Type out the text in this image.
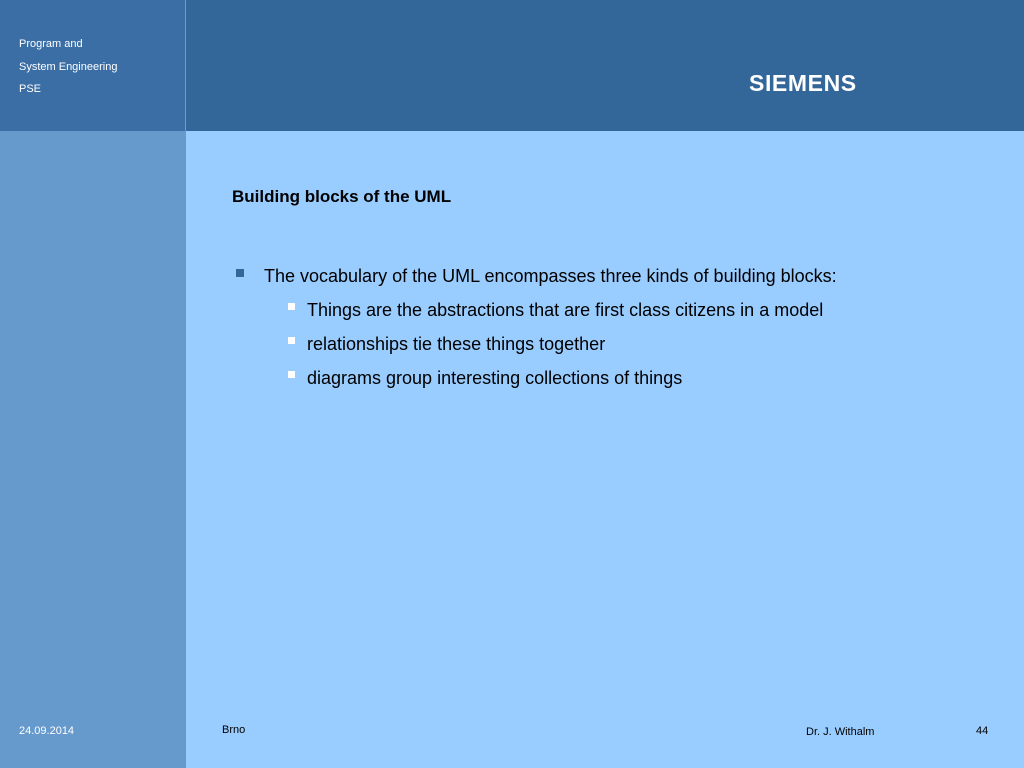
Program and
System Engineering
PSE	SIEMENS
Building blocks of the UML
The vocabulary of the UML encompasses three kinds of building blocks:
Things are the abstractions that are first class citizens in a model
relationships tie these things together
diagrams group interesting collections of things
24.09.2014	Brno	Dr. J. Withalm	44
